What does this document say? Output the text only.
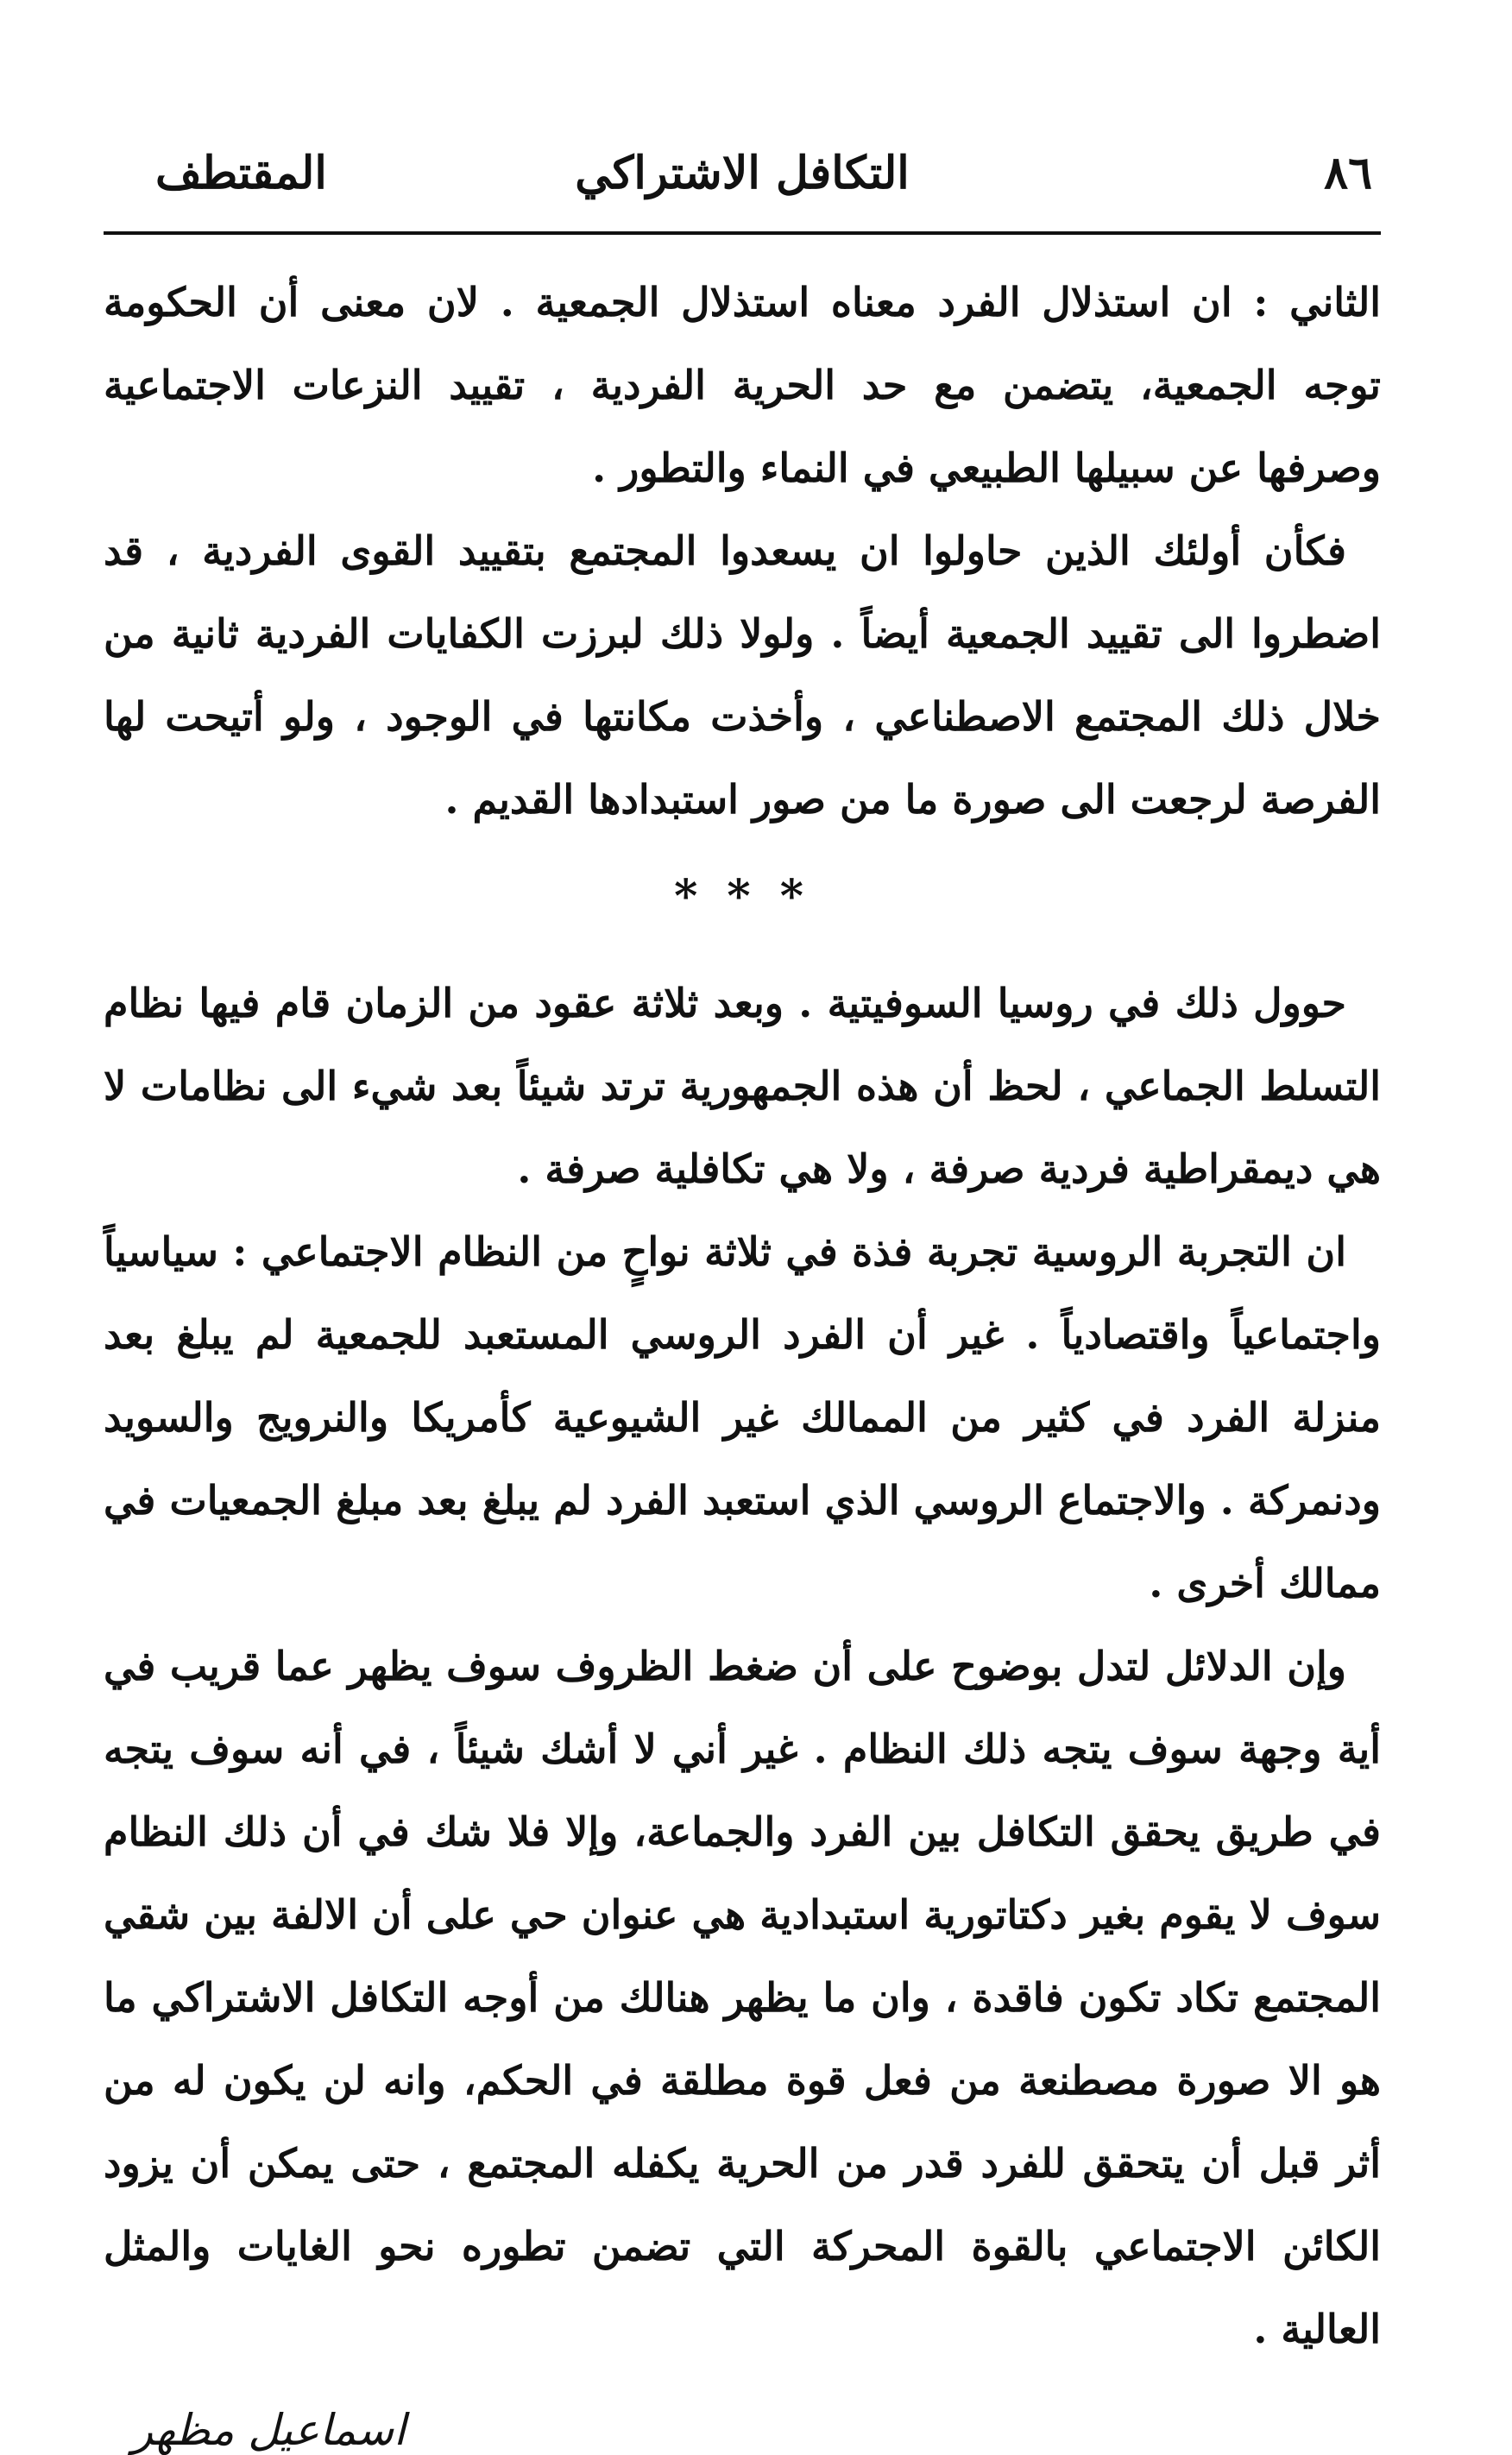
٨٦
التكافل الاشتراكي
المقتطف

الثاني : ان استذلال الفرد معناه استذلال الجمعية . لان معنى أن الحكومة توجه الجمعية، يتضمن مع حد الحرية الفردية ، تقييد النزعات الاجتماعية وصرفها عن سبيلها الطبيعي في النماء والتطور .

فكأن أولئك الذين حاولوا ان يسعدوا المجتمع بتقييد القوى الفردية ، قد اضطروا الى تقييد الجمعية أيضاً . ولولا ذلك لبرزت الكفايات الفردية ثانية من خلال ذلك المجتمع الاصطناعي ، وأخذت مكانتها في الوجود ، ولو أتيحت لها الفرصة لرجعت الى صورة ما من صور استبدادها القديم .

* * *

حوول ذلك في روسيا السوفيتية . وبعد ثلاثة عقود من الزمان قام فيها نظام التسلط الجماعي ، لحظ أن هذه الجمهورية ترتد شيئاً بعد شيء الى نظامات لا هي ديمقراطية فردية صرفة ، ولا هي تكافلية صرفة .

ان التجربة الروسية تجربة فذة في ثلاثة نواحٍ من النظام الاجتماعي : سياسياً واجتماعياً واقتصادياً . غير أن الفرد الروسي المستعبد للجمعية لم يبلغ بعد منزلة الفرد في كثير من الممالك غير الشيوعية كأمريكا والنرويج والسويد ودنمركة . والاجتماع الروسي الذي استعبد الفرد لم يبلغ بعد مبلغ الجمعيات في ممالك أخرى .

وإن الدلائل لتدل بوضوح على أن ضغط الظروف سوف يظهر عما قريب في أية وجهة سوف يتجه ذلك النظام . غير أني لا أشك شيئاً ، في أنه سوف يتجه في طريق يحقق التكافل بين الفرد والجماعة، وإلا فلا شك في أن ذلك النظام سوف لا يقوم بغير دكتاتورية استبدادية هي عنوان حي على أن الالفة بين شقي المجتمع تكاد تكون فاقدة ، وان ما يظهر هنالك من أوجه التكافل الاشتراكي ما هو الا صورة مصطنعة من فعل قوة مطلقة في الحكم، وانه لن يكون له من أثر قبل أن يتحقق للفرد قدر من الحرية يكفله المجتمع ، حتى يمكن أن يزود الكائن الاجتماعي بالقوة المحركة التي تضمن تطوره نحو الغايات والمثل العالية .

اسماعيل مظهر
